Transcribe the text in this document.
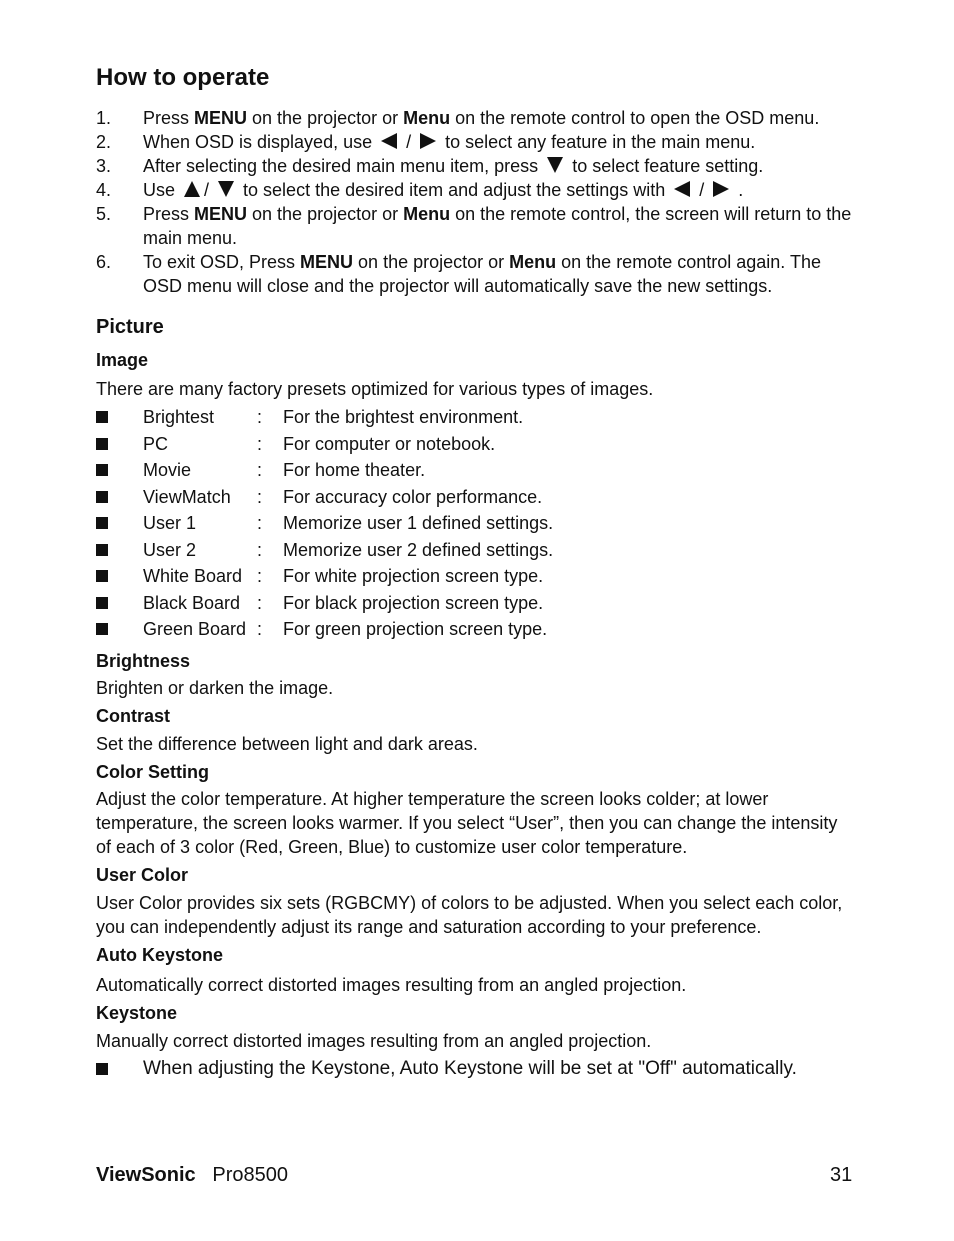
How to operate
1.	Press MENU on the projector or Menu on the remote control to open the OSD menu.
2.	When OSD is displayed, use  /  to select any feature in the main menu.
3.	After selecting the desired main menu item, press  to select feature setting.
4.	Use /  to select the desired item and adjust the settings with  /  .
5.	Press MENU on the projector or Menu on the remote control, the screen will return to the main menu.
6.	To exit OSD, Press MENU on the projector or Menu on the remote control again. The OSD menu will close and the projector will automatically save the new settings.
Picture
Image
There are many factory presets optimized for various types of images.
Brightest	:	For the brightest environment.
PC	:	For computer or notebook.
Movie	:	For home theater.
ViewMatch	:	For accuracy color performance.
User 1	:	Memorize user 1 defined settings.
User 2	:	Memorize user 2 defined settings.
White Board :	For white projection screen type.
Black Board :	For black projection screen type.
Green Board :	For green projection screen type.
Brightness
Brighten or darken the image.
Contrast
Set the difference between light and dark areas.
Color Setting
Adjust the color temperature. At higher temperature the screen looks colder; at lower temperature, the screen looks warmer. If you select “User”, then you can change the intensity of each of 3 color (Red, Green, Blue) to customize user color temperature.
User Color
User Color provides six sets (RGBCMY) of colors to be adjusted. When you select each color, you can independently adjust its range and saturation according to your preference.
Auto Keystone
Automatically correct distorted images resulting from an angled projection.
Keystone
Manually correct distorted images resulting from an angled projection.
When adjusting the Keystone, Auto Keystone will be set at "Off" automatically.
ViewSonic Pro8500	31
